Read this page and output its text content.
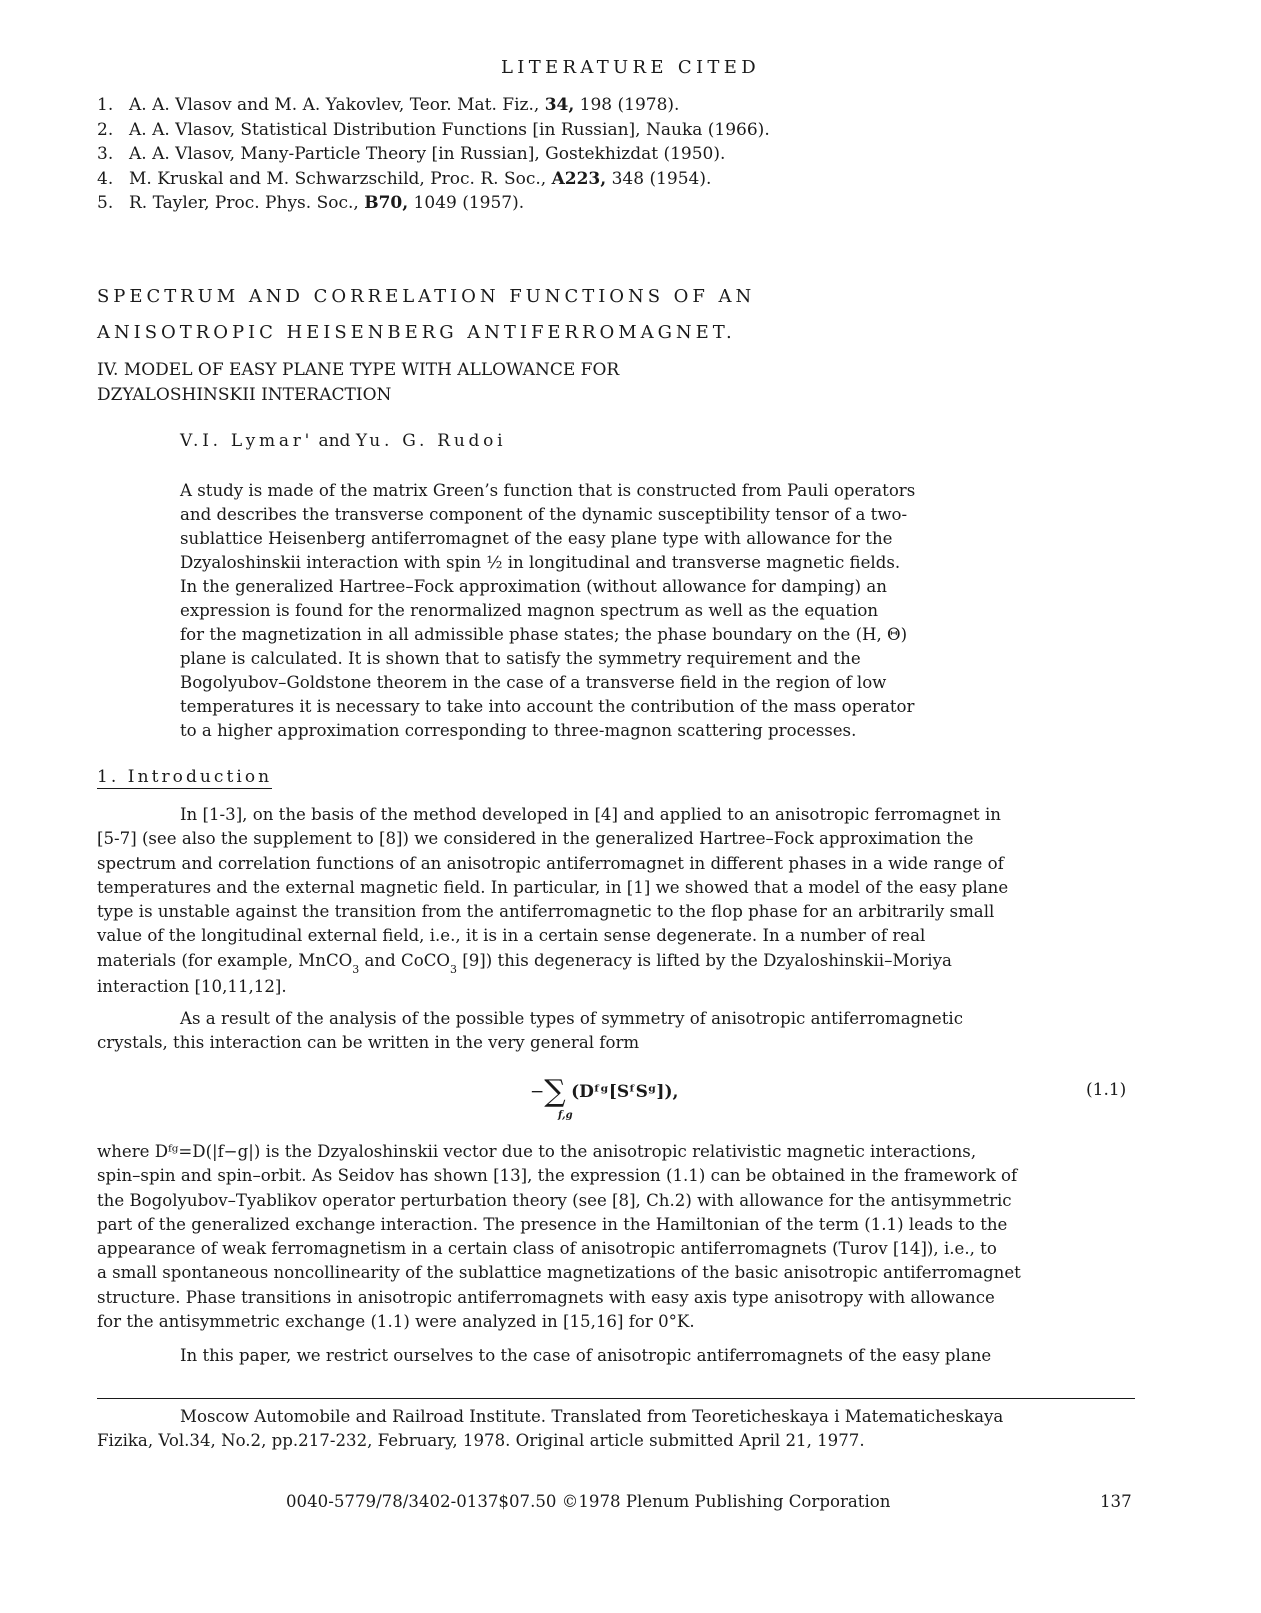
LITERATURE CITED
1. A. A. Vlasov and M. A. Yakovlev, Teor. Mat. Fiz., 34, 198 (1978).
2. A. A. Vlasov, Statistical Distribution Functions [in Russian], Nauka (1966).
3. A. A. Vlasov, Many-Particle Theory [in Russian], Gostekhizdat (1950).
4. M. Kruskal and M. Schwarzschild, Proc. R. Soc., A223, 348 (1954).
5. R. Tayler, Proc. Phys. Soc., B70, 1049 (1957).
SPECTRUM AND CORRELATION FUNCTIONS OF AN
ANISOTROPIC HEISENBERG ANTIFERROMAGNET.
IV. MODEL OF EASY PLANE TYPE WITH ALLOWANCE FOR
DZYALOSHINSKII INTERACTION
V.I. Lymar' and Yu. G. Rudoi

A study is made of the matrix Green’s function that is constructed from Pauli operators

and describes the transverse component of the dynamic susceptibility tensor of a two-

sublattice Heisenberg antiferromagnet of the easy plane type with allowance for the

Dzyaloshinskii interaction with spin ½ in longitudinal and transverse magnetic fields.

In the generalized Hartree–Fock approximation (without allowance for damping) an

expression is found for the renormalized magnon spectrum as well as the equation

for the magnetization in all admissible phase states; the phase boundary on the (H, Θ)

plane is calculated. It is shown that to satisfy the symmetry requirement and the

Bogolyubov–Goldstone theorem in the case of a transverse field in the region of low

temperatures it is necessary to take into account the contribution of the mass operator

to a higher approximation corresponding to three-magnon scattering processes.

1. Introduction

In [1-3], on the basis of the method developed in [4] and applied to an anisotropic ferromagnet in

[5-7] (see also the supplement to [8]) we considered in the generalized Hartree–Fock approximation the

spectrum and correlation functions of an anisotropic antiferromagnet in different phases in a wide range of

temperatures and the external magnetic field. In particular, in [1] we showed that a model of the easy plane

type is unstable against the transition from the antiferromagnetic to the flop phase for an arbitrarily small

value of the longitudinal external field, i.e., it is in a certain sense degenerate. In a number of real

materials (for example, MnCO$_3$ and CoCO$_3$ [9]) this degeneracy is lifted by the Dzyaloshinskii–Moriya

interaction [10,11,12].

As a result of the analysis of the possible types of symmetry of anisotropic antiferromagnetic

crystals, this interaction can be written in the very general form

−∑
f,g
(Dᶠᵍ[SᶠSᵍ]),	(1.1)

where Dᶠᵍ=D(|f−g|) is the Dzyaloshinskii vector due to the anisotropic relativistic magnetic interactions,

spin–spin and spin–orbit. As Seidov has shown [13], the expression (1.1) can be obtained in the framework of

the Bogolyubov–Tyablikov operator perturbation theory (see [8], Ch.2) with allowance for the antisymmetric

part of the generalized exchange interaction. The presence in the Hamiltonian of the term (1.1) leads to the

appearance of weak ferromagnetism in a certain class of anisotropic antiferromagnets (Turov [14]), i.e., to

a small spontaneous noncollinearity of the sublattice magnetizations of the basic anisotropic antiferromagnet

structure. Phase transitions in anisotropic antiferromagnets with easy axis type anisotropy with allowance

for the antisymmetric exchange (1.1) were analyzed in [15,16] for 0°K.

In this paper, we restrict ourselves to the case of anisotropic antiferromagnets of the easy plane

Moscow Automobile and Railroad Institute. Translated from Teoreticheskaya i Matematicheskaya

Fizika, Vol.34, No.2, pp.217-232, February, 1978. Original article submitted April 21, 1977.

0040-5779/78/3402-0137$07.50 ©1978 Plenum Publishing Corporation	137
